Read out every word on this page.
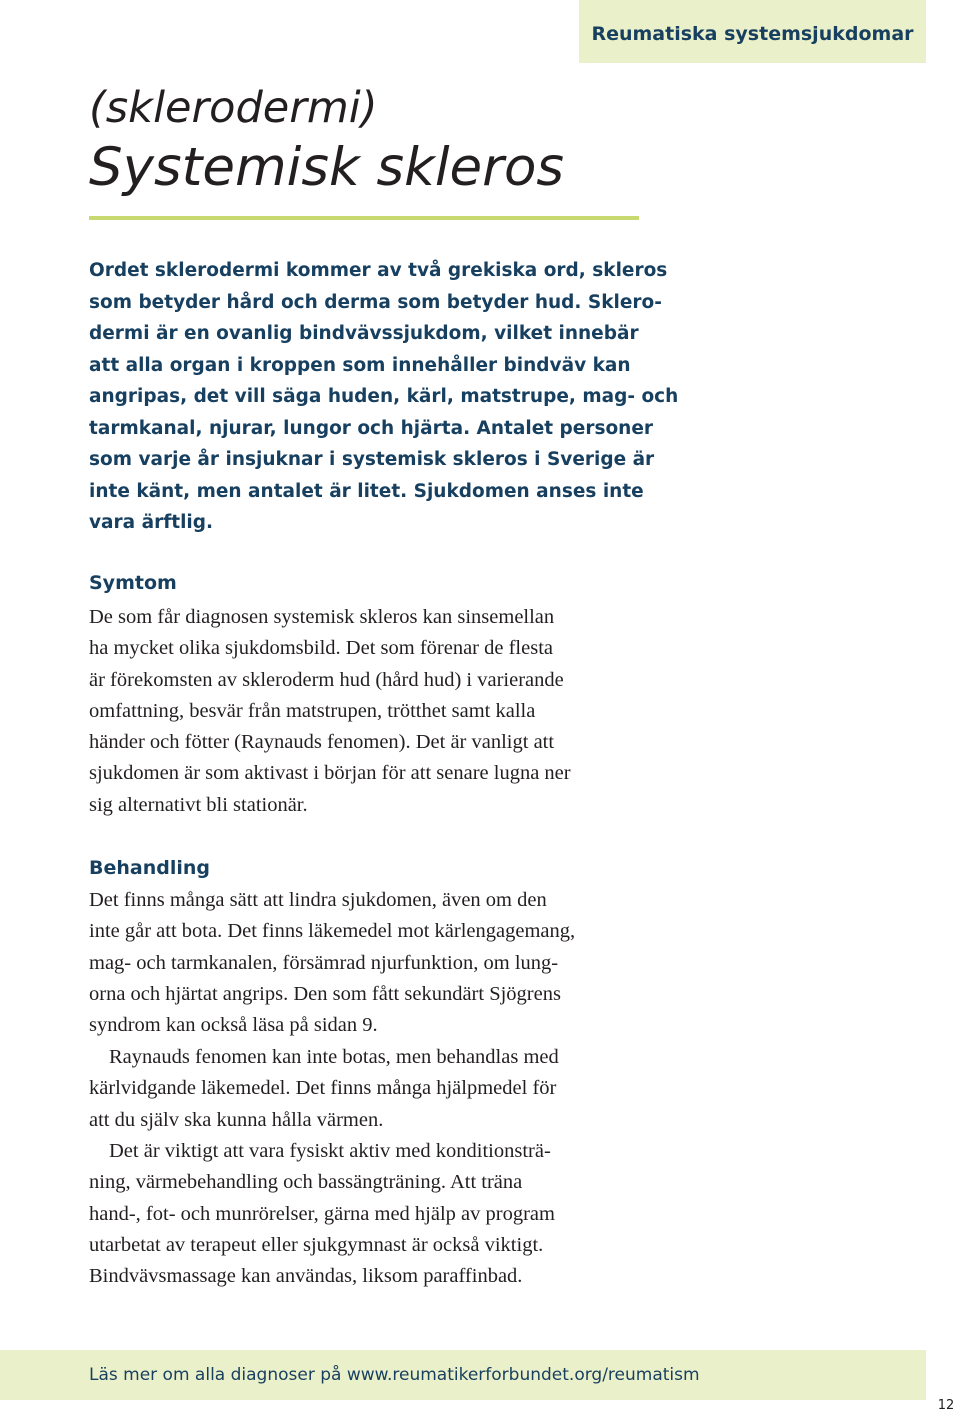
Reumatiska systemsjukdomar
(sklerodermi)
Systemisk skleros

Ordet sklerodermi kommer av två grekiska ord, skleros
som betyder hård och derma som betyder hud. Sklero-
dermi är en ovanlig bindvävssjukdom, vilket innebär
att alla organ i kroppen som innehåller bindväv kan
angripas, det vill säga huden, kärl, matstrupe, mag- och
tarmkanal, njurar, lungor och hjärta. Antalet personer
som varje år insjuknar i systemisk skleros i Sverige är
inte känt, men antalet är litet. Sjukdomen anses inte
vara ärftlig.

Symtom

De som får diagnosen systemisk skleros kan sinsemellan
ha mycket olika sjukdomsbild. Det som förenar de flesta
är förekomsten av skleroderm hud (hård hud) i varierande
omfattning, besvär från matstrupen, trötthet samt kalla
händer och fötter (Raynauds fenomen). Det är vanligt att
sjukdomen är som aktivast i början för att senare lugna ner
sig alternativt bli stationär.

Behandling

Det finns många sätt att lindra sjukdomen, även om den
inte går att bota. Det finns läkemedel mot kärlengagemang,
mag- och tarmkanalen, försämrad njurfunktion, om lung-
orna och hjärtat angrips. Den som fått sekundärt Sjögrens
syndrom kan också läsa på sidan 9.

Raynauds fenomen kan inte botas, men behandlas med
kärlvidgande läkemedel. Det finns många hjälpmedel för
att du själv ska kunna hålla värmen.

Det är viktigt att vara fysiskt aktiv med konditionsträ-
ning, värmebehandling och bassängträning. Att träna
hand-, fot- och munrörelser, gärna med hjälp av program
utarbetat av terapeut eller sjukgymnast är också viktigt.
Bindvävsmassage kan användas, liksom paraffinbad.

Läs mer om alla diagnoser på www.reumatikerforbundet.org/reumatism
12
